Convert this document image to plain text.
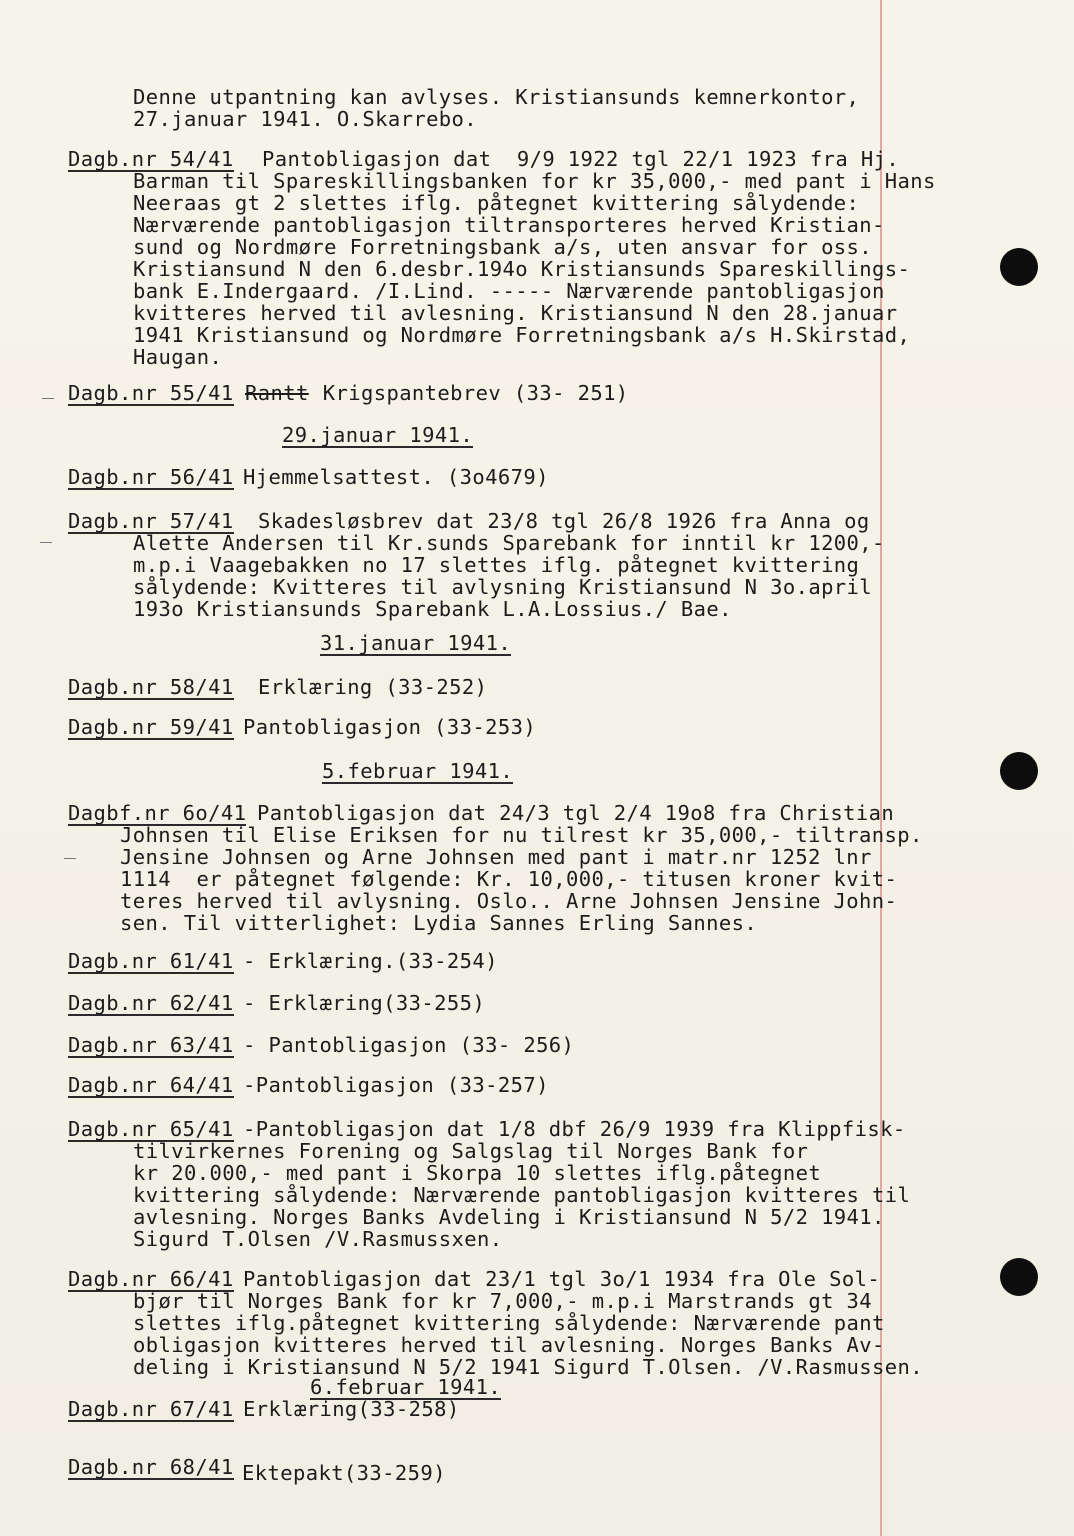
Denne utpantning kan avlyses. Kristiansunds kemnerkontor,
27.januar 1941. O.Skarrebo.
Dagb.nr 54/41 Pantobligasjon dat  9/9 1922 tgl 22/1 1923 fra Hj.
Barman til Spareskillingsbanken for kr 35,000,- med pant i Hans
Neeraas gt 2 slettes iflg. påtegnet kvittering sålydende:
Nærværende pantobligasjon tiltransporteres herved Kristian-
sund og Nordmøre Forretningsbank a/s, uten ansvar for oss.
Kristiansund N den 6.desbr.194o Kristiansunds Spareskillings-
bank E.Indergaard. /I.Lind. ----- Nærværende pantobligasjon
kvitteres herved til avlesning. Kristiansund N den 28.januar
1941 Kristiansund og Nordmøre Forretningsbank a/s H.Skirstad,
Haugan.
Dagb.nr 55/41 Rantt Krigspantebrev (33- 251)
29.januar 1941.
Dagb.nr 56/41 Hjemmelsattest. (3o4679)
Dagb.nr 57/41 Skadesløsbrev dat 23/8 tgl 26/8 1926 fra Anna og
Alette Andersen til Kr.sunds Sparebank for inntil kr 1200,-
m.p.i Vaagebakken no 17 slettes iflg. påtegnet kvittering
sålydende: Kvitteres til avlysning Kristiansund N 3o.april
193o Kristiansunds Sparebank L.A.Lossius./ Bae.
31.januar 1941.
Dagb.nr 58/41 Erklæring (33-252)
Dagb.nr 59/41 Pantobligasjon (33-253)
5.februar 1941.
Dagbf.nr 6o/41 Pantobligasjon dat 24/3 tgl 2/4 19o8 fra Christian
Johnsen til Elise Eriksen for nu tilrest kr 35,000,- tiltransp.
Jensine Johnsen og Arne Johnsen med pant i matr.nr 1252 lnr
1114  er påtegnet følgende: Kr. 10,000,- titusen kroner kvit-
teres herved til avlysning. Oslo.. Arne Johnsen Jensine John-
sen. Til vitterlighet: Lydia Sannes Erling Sannes.
Dagb.nr 61/41 - Erklæring.(33-254)
Dagb.nr 62/41 - Erklæring(33-255)
Dagb.nr 63/41 - Pantobligasjon (33- 256)
Dagb.nr 64/41 -Pantobligasjon (33-257)
Dagb.nr 65/41 -Pantobligasjon dat 1/8 dbf 26/9 1939 fra Klippfisk-
tilvirkernes Forening og Salgslag til Norges Bank for
kr 20.000,- med pant i Skorpa 10 slettes iflg.påtegnet
kvittering sålydende: Nærværende pantobligasjon kvitteres til
avlesning. Norges Banks Avdeling i Kristiansund N 5/2 1941.
Sigurd T.Olsen /V.Rasmussxen.
Dagb.nr 66/41 Pantobligasjon dat 23/1 tgl 3o/1 1934 fra Ole Sol-
bjør til Norges Bank for kr 7,000,- m.p.i Marstrands gt 34
slettes iflg.påtegnet kvittering sålydende: Nærværende pant
obligasjon kvitteres herved til avlesning. Norges Banks Av-
deling i Kristiansund N 5/2 1941 Sigurd T.Olsen. /V.Rasmussen.
6.februar 1941.
Dagb.nr 67/41 Erklæring(33-258)
Dagb.nr 68/41 Ektepakt(33-259)
